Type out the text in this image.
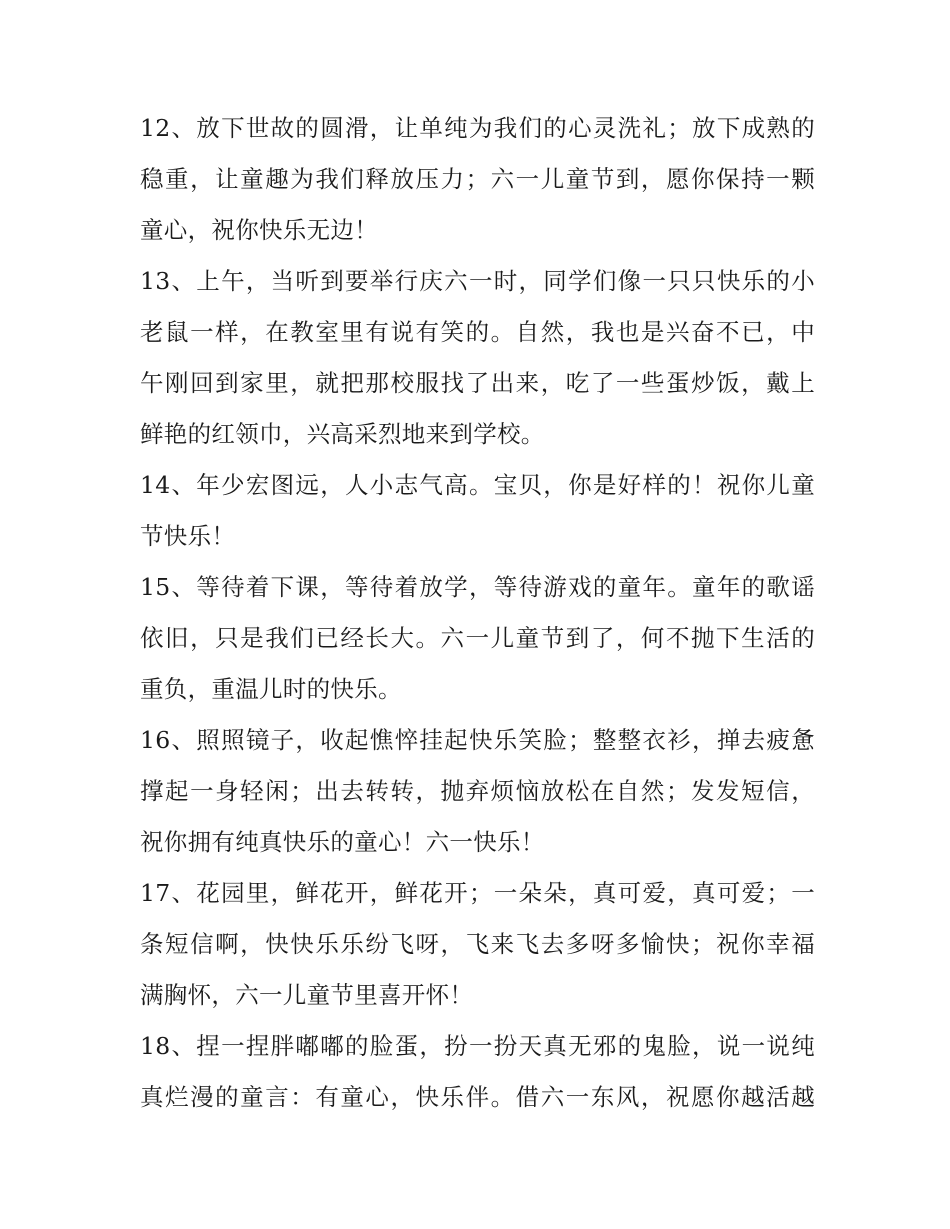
12、放下世故的圆滑，让单纯为我们的心灵洗礼；放下成熟的
稳重，让童趣为我们释放压力；六一儿童节到，愿你保持一颗
童心，祝你快乐无边！

13、上午，当听到要举行庆六一时，同学们像一只只快乐的小
老鼠一样，在教室里有说有笑的。自然，我也是兴奋不已，中
午刚回到家里，就把那校服找了出来，吃了一些蛋炒饭，戴上
鲜艳的红领巾，兴高采烈地来到学校。

14、年少宏图远，人小志气高。宝贝，你是好样的！祝你儿童
节快乐！

15、等待着下课，等待着放学，等待游戏的童年。童年的歌谣
依旧，只是我们已经长大。六一儿童节到了，何不抛下生活的
重负，重温儿时的快乐。

16、照照镜子，收起憔悴挂起快乐笑脸；整整衣衫，掸去疲惫
撑起一身轻闲；出去转转，抛弃烦恼放松在自然；发发短信，
祝你拥有纯真快乐的童心！六一快乐！

17、花园里，鲜花开，鲜花开；一朵朵，真可爱，真可爱；一
条短信啊，快快乐乐纷飞呀，飞来飞去多呀多愉快；祝你幸福
满胸怀，六一儿童节里喜开怀！

18、捏一捏胖嘟嘟的脸蛋，扮一扮天真无邪的鬼脸，说一说纯
真烂漫的童言：有童心，快乐伴。借六一东风，祝愿你越活越
